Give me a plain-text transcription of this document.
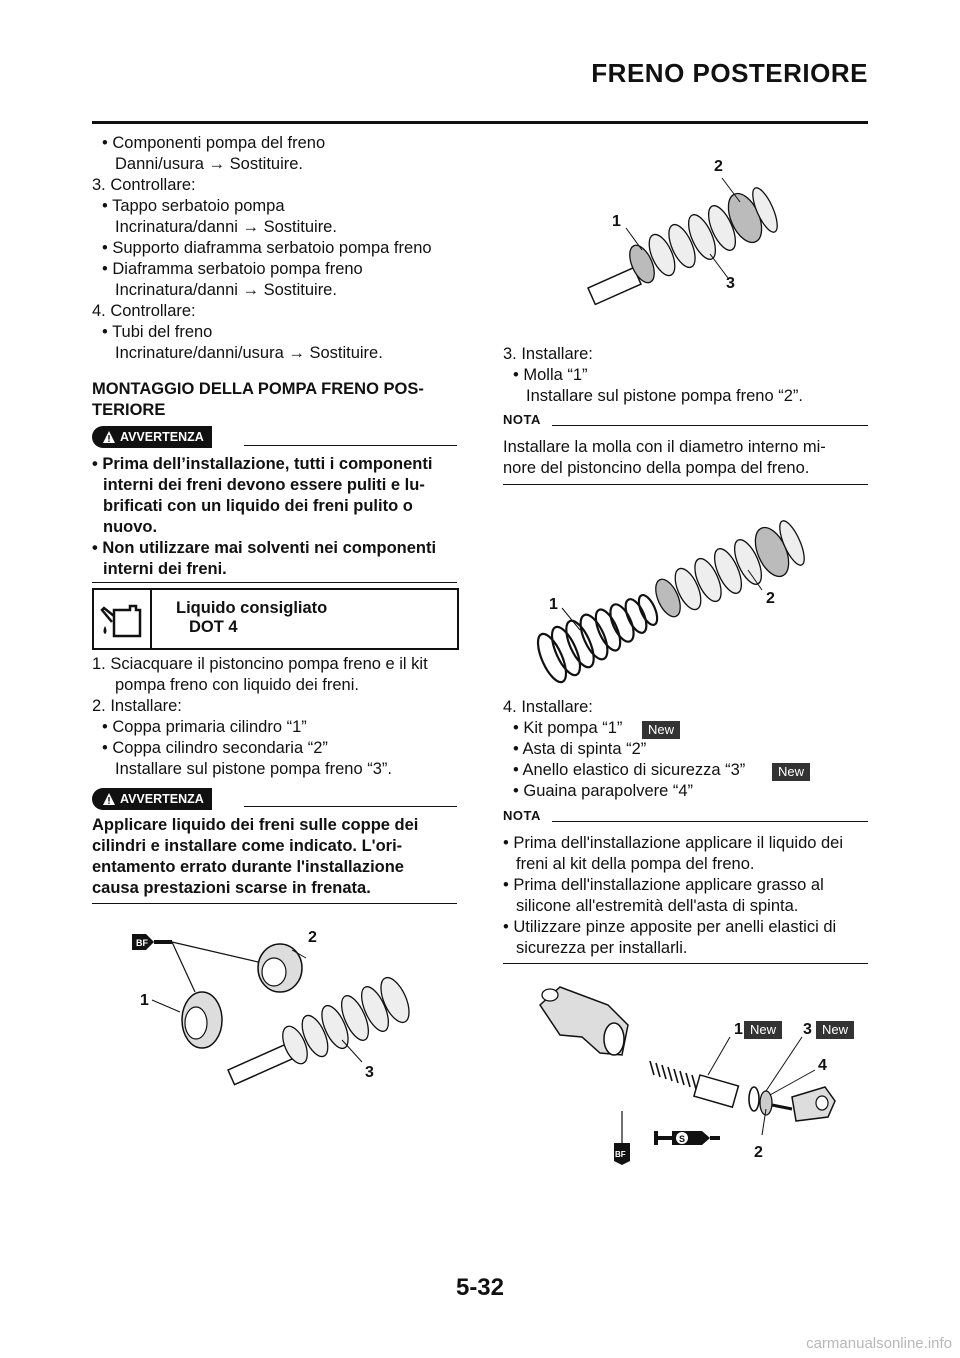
FRENO POSTERIORE
• Componenti pompa del freno
Danni/usura → Sostituire.
3. Controllare:
• Tappo serbatoio pompa
Incrinatura/danni → Sostituire.
• Supporto diaframma serbatoio pompa freno
• Diaframma serbatoio pompa freno
Incrinatura/danni → Sostituire.
4. Controllare:
• Tubi del freno
Incrinature/danni/usura → Sostituire.
MONTAGGIO DELLA POMPA FRENO POS-
TERIORE
AVVERTENZA
• Prima dell’installazione, tutti i componenti
interni dei freni devono essere puliti e lu-
brificati con un liquido dei freni pulito o
nuovo.
• Non utilizzare mai solventi nei componenti
interni dei freni.
Liquido consigliato
DOT 4
1. Sciacquare il pistoncino pompa freno e il kit
pompa freno con liquido dei freni.
2. Installare:
• Coppa primaria cilindro “1”
• Coppa cilindro secondaria “2”
Installare sul pistone pompa freno “3”.
AVVERTENZA
Applicare liquido dei freni sulle coppe dei
cilindri e installare come indicato. L'ori-
entamento errato durante l'installazione
causa prestazioni scarse in frenata.
BF	2
1
3
2
1
3
3. Installare:
• Molla “1”
Installare sul pistone pompa freno “2”.
NOTA
Installare la molla con il diametro interno mi-
nore del pistoncino della pompa del freno.
1	2
4. Installare:
• Kit pompa “1”	New
• Asta di spinta “2”
• Anello elastico di sicurezza “3”	New
• Guaina parapolvere “4”
NOTA
• Prima dell'installazione applicare il liquido dei
freni al kit della pompa del freno.
• Prima dell'installazione applicare grasso al
silicone all'estremità dell'asta di spinta.
• Utilizzare pinze apposite per anelli elastici di
sicurezza per installarli.
BF
S
1 New	3 New
4
2
5-32
carmanualsonline.info
